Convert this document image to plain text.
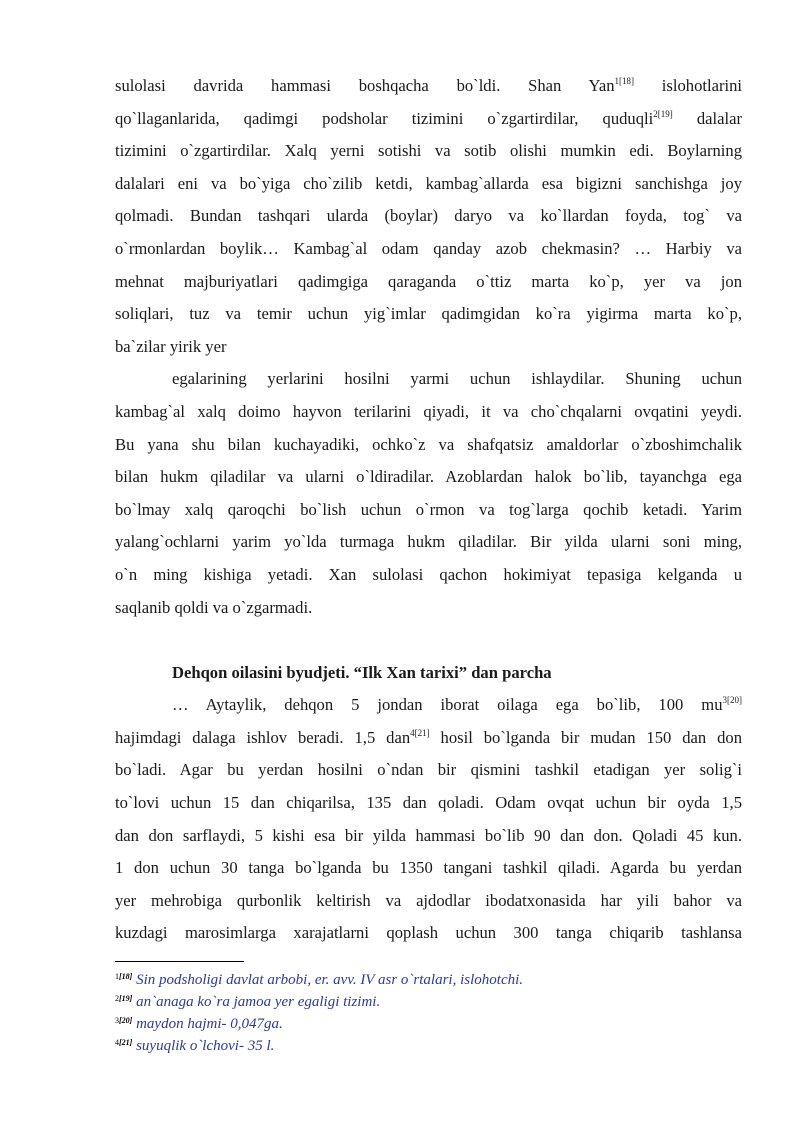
sulolasi davrida hammasi boshqacha bo`ldi. Shan Yan$^{1[18]}$ islohotlarini
qo`llaganlarida, qadimgi podsholar tizimini o`zgartirdilar, quduqli$^{2[19]}$ dalalar
tizimini o`zgartirdilar. Xalq yerni sotishi va sotib olishi mumkin edi. Boylarning
dalalari eni va bo`yiga cho`zilib ketdi, kambag`allarda esa bigizni sanchishga joy
qolmadi. Bundan tashqari ularda (boylar) daryo va ko`llardan foyda, tog` va
o`rmonlardan boylik… Kambag`al odam qanday azob chekmasin? … Harbiy va
mehnat majburiyatlari qadimgiga qaraganda o`ttiz marta ko`p, yer va jon
soliqlari, tuz va temir uchun yig`imlar qadimgidan ko`ra yigirma marta ko`p,
ba`zilar yirik yer
egalarining yerlarini hosilni yarmi uchun ishlaydilar. Shuning uchun
kambag`al xalq doimo hayvon terilarini qiyadi, it va cho`chqalarni ovqatini yeydi.
Bu yana shu bilan kuchayadiki, ochko`z va shafqatsiz amaldorlar o`zboshimchalik
bilan hukm qiladilar va ularni o`ldiradilar. Azoblardan halok bo`lib, tayanchga ega
bo`lmay xalq qaroqchi bo`lish uchun o`rmon va tog`larga qochib ketadi. Yarim
yalang`ochlarni yarim yo`lda turmaga hukm qiladilar. Bir yilda ularni soni ming,
o`n ming kishiga yetadi. Xan sulolasi qachon hokimiyat tepasiga kelganda u
saqlanib qoldi va o`zgarmadi.
Dehqon oilasini byudjeti. “Ilk Xan tarixi” dan parcha
… Aytaylik, dehqon 5 jondan iborat oilaga ega bo`lib, 100 $mu^{3[20]}$
hajimdagi dalaga ishlov beradi. 1,5 dan$^{4[21]}$ hosil bo`lganda bir mudan 150 dan don
bo`ladi. Agar bu yerdan hosilni o`ndan bir qismini tashkil etadigan yer solig`i
to`lovi uchun 15 dan chiqarilsa, 135 dan qoladi. Odam ovqat uchun bir oyda 1,5
dan don sarflaydi, 5 kishi esa bir yilda hammasi bo`lib 90 dan don. Qoladi 45 kun.
1 don uchun 30 tanga bo`lganda bu 1350 tangani tashkil qiladi. Agarda bu yerdan
yer mehrobiga qurbonlik keltirish va ajdodlar ibodatxonasida har yili bahor va
kuzdagi marosimlarga xarajatlarni qoplash uchun 300 tanga chiqarib tashlansa
$^{1[18]}$ Sin podsholigi davlat arbobi, er. avv. IV asr o`rtalari, islohotchi.
$^{2[19]}$ an`anaga ko`ra jamoa yer egaligi tizimi.
$^{3[20]}$ maydon hajmi- 0,047ga.
$^{4[21]}$ suyuqlik o`lchovi- 35 l.
